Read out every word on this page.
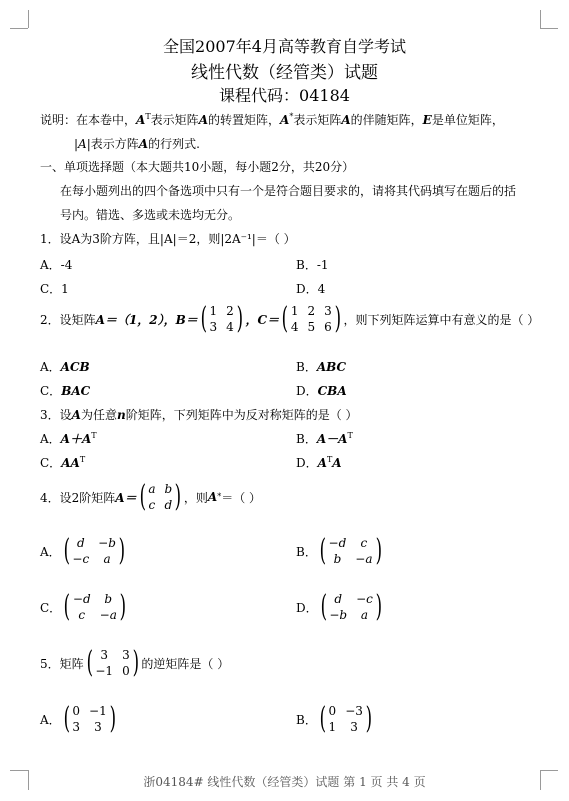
全国2007年4月高等教育自学考试
线性代数（经管类）试题
课程代码：04184
说明：在本卷中，$A^T$表示矩阵A的转置矩阵，A*表示矩阵A的伴随矩阵，E是单位矩阵，
|A|表示方阵A的行列式.
一、单项选择题（本大题共10小题，每小题2分，共20分）
在每小题列出的四个备选项中只有一个是符合题目要求的，请将其代码填写在题后的括
号内。错选、多选或未选均无分。
1．设A为3阶方阵，且|A|＝2，则|2A⁻¹|＝（ ）
A．-4	B．-1
C．1	D．4
2．设矩阵 A＝（1，2）， B＝ ( 1 2
3 4 ) ，C＝ ( 1 2 3
4 5 6 ) ，则下列矩阵运算中有意义的是（ ）
A．ACB	B．ABC
C．BAC	D．CBA
3．设A为任意n阶矩阵，下列矩阵中为反对称矩阵的是（ ）
A．$A+A^T$	B．$A-A^T$
C．$AA^T$	D．$A^TA$
4．设2阶矩阵 A＝ ( a b
c d ) ，则 A * ＝（ ）
A． ( d	−b
−c	a )	B． ( −d	c
b	−a )
C． ( −d	b
c	−a )	D． ( d	−c
−b	a )
5．矩阵 ( 3	3
−1 0 ) 的逆矩阵是（ ）
A． ( 0 −1
3	3 )	B． ( 0 −3
1	3 )
浙04184# 线性代数（经管类）试题 第 1 页 共 4 页
